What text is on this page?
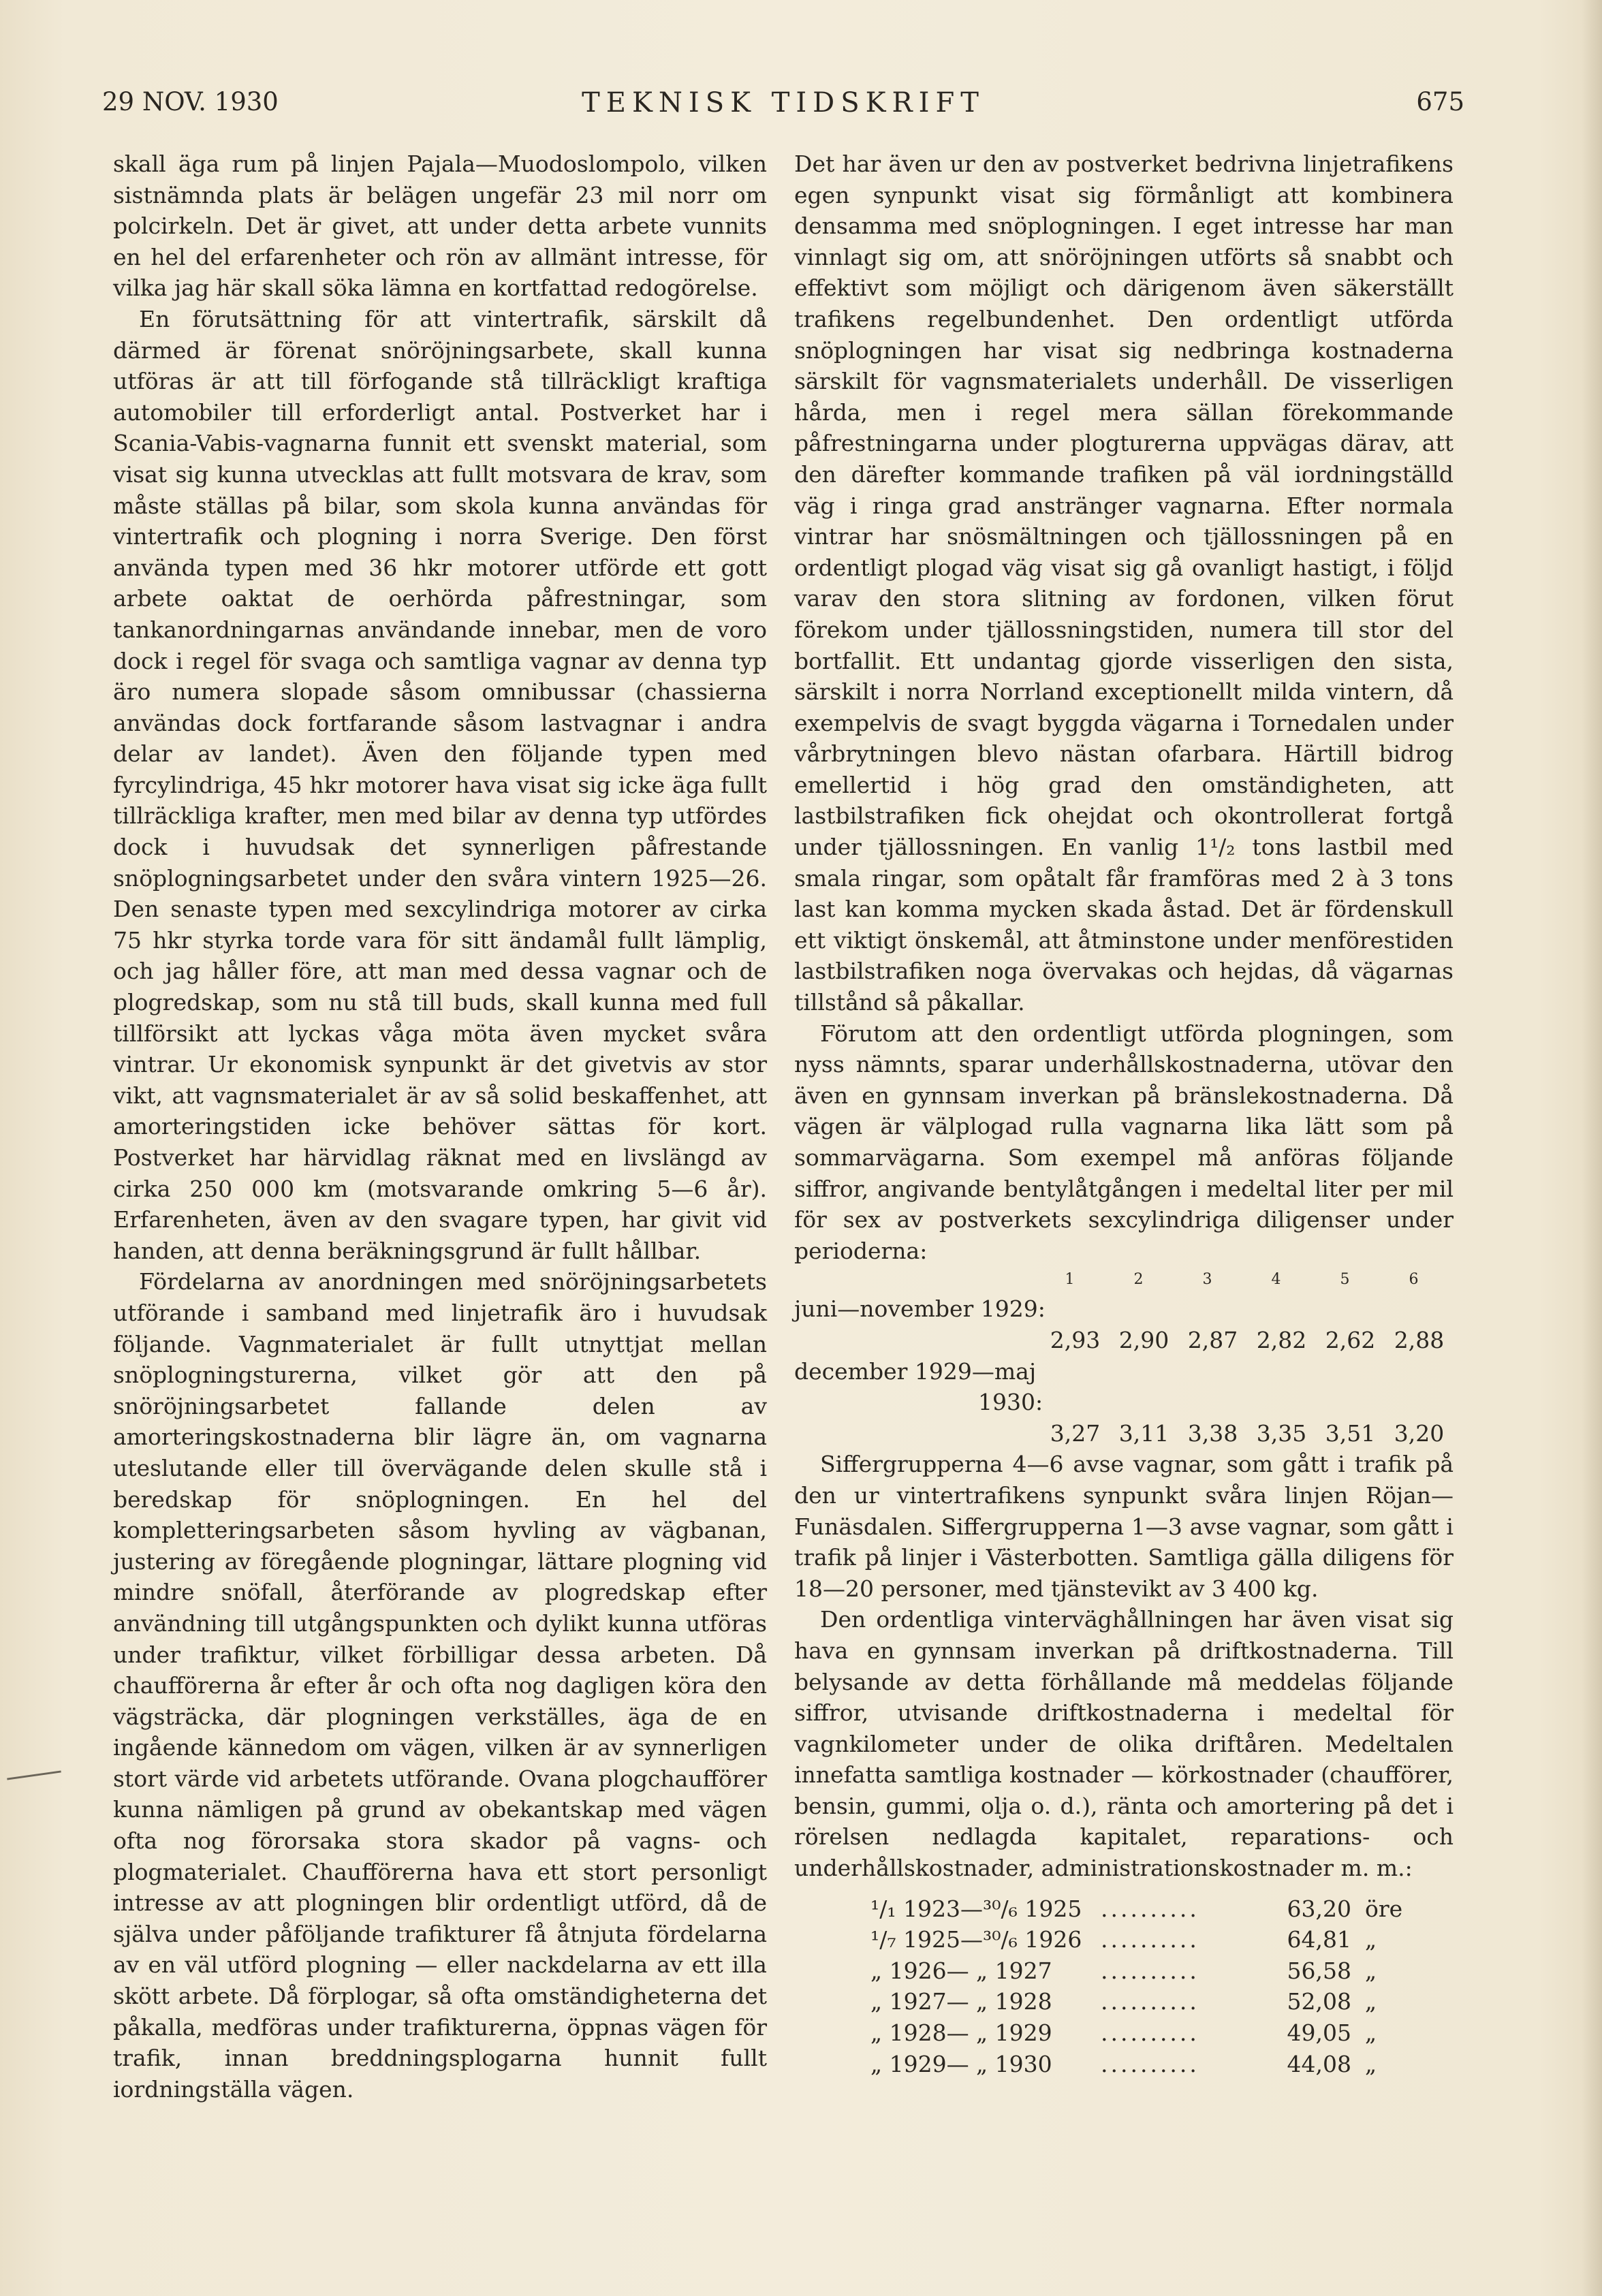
29 NOV. 1930	TEKNISK TIDSKRIFT	675

skall äga rum på linjen Pajala—Muodoslompolo, vilken sistnämnda plats är belägen ungefär 23 mil norr om polcirkeln. Det är givet, att under detta arbete vunnits en hel del erfarenheter och rön av allmänt intresse, för vilka jag här skall söka lämna en kortfattad redogörelse.

En förutsättning för att vintertrafik, särskilt då därmed är förenat snöröjningsarbete, skall kunna utföras är att till förfogande stå tillräckligt kraftiga automobiler till erforderligt antal. Postverket har i Scania-Vabis-vagnarna funnit ett svenskt material, som visat sig kunna utvecklas att fullt motsvara de krav, som måste ställas på bilar, som skola kunna användas för vintertrafik och plogning i norra Sverige. Den först använda typen med 36 hkr motorer utförde ett gott arbete oaktat de oerhörda påfrestningar, som tankanordningarnas användande innebar, men de voro dock i regel för svaga och samtliga vagnar av denna typ äro numera slopade såsom omnibussar (chassierna användas dock fortfarande såsom lastvagnar i andra delar av landet). Även den följande typen med fyrcylindriga, 45 hkr motorer hava visat sig icke äga fullt tillräckliga krafter, men med bilar av denna typ utfördes dock i huvudsak det synnerligen påfrestande snöplogningsarbetet under den svåra vintern 1925—26. Den senaste typen med sexcylindriga motorer av cirka 75 hkr styrka torde vara för sitt ändamål fullt lämplig, och jag håller före, att man med dessa vagnar och de plogredskap, som nu stå till buds, skall kunna med full tillförsikt att lyckas våga möta även mycket svåra vintrar. Ur ekonomisk synpunkt är det givetvis av stor vikt, att vagnsmaterialet är av så solid beskaffenhet, att amorteringstiden icke behöver sättas för kort. Postverket har härvidlag räknat med en livslängd av cirka 250 000 km (motsvarande omkring 5—6 år). Erfarenheten, även av den svagare typen, har givit vid handen, att denna beräkningsgrund är fullt hållbar.

Fördelarna av anordningen med snöröjningsarbetets utförande i samband med linjetrafik äro i huvudsak följande. Vagnmaterialet är fullt utnyttjat mellan snöplogningsturerna, vilket gör att den på snöröjningsarbetet fallande delen av amorteringskostnaderna blir lägre än, om vagnarna uteslutande eller till övervägande delen skulle stå i beredskap för snöplogningen. En hel del kompletteringsarbeten såsom hyvling av vägbanan, justering av föregående plogningar, lättare plogning vid mindre snöfall, återförande av plogredskap efter användning till utgångspunkten och dylikt kunna utföras under trafiktur, vilket förbilligar dessa arbeten. Då chaufförerna år efter år och ofta nog dagligen köra den vägsträcka, där plogningen verkställes, äga de en ingående kännedom om vägen, vilken är av synnerligen stort värde vid arbetets utförande. Ovana plogchaufförer kunna nämligen på grund av obekantskap med vägen ofta nog förorsaka stora skador på vagns- och plogmaterialet. Chaufförerna hava ett stort personligt intresse av att plogningen blir ordentligt utförd, då de själva under påföljande trafikturer få åtnjuta fördelarna av en väl utförd plogning — eller nackdelarna av ett illa skött arbete. Då förplogar, så ofta omständigheterna det påkalla, medföras under trafikturerna, öppnas vägen för trafik, innan breddningsplogarna hunnit fullt iordningställa vägen.

Det har även ur den av postverket bedrivna linjetrafikens egen synpunkt visat sig förmånligt att kombinera densamma med snöplogningen. I eget intresse har man vinnlagt sig om, att snöröjningen utförts så snabbt och effektivt som möjligt och därigenom även säkerställt trafikens regelbundenhet. Den ordentligt utförda snöplogningen har visat sig nedbringa kostnaderna särskilt för vagnsmaterialets underhåll. De visserligen hårda, men i regel mera sällan förekommande påfrestningarna under plogturerna uppvägas därav, att den därefter kommande trafiken på väl iordningställd väg i ringa grad anstränger vagnarna. Efter normala vintrar har snösmältningen och tjällossningen på en ordentligt plogad väg visat sig gå ovanligt hastigt, i följd varav den stora slitning av fordonen, vilken förut förekom under tjällossningstiden, numera till stor del bortfallit. Ett undantag gjorde visserligen den sista, särskilt i norra Norrland exceptionellt milda vintern, då exempelvis de svagt byggda vägarna i Tornedalen under vårbrytningen blevo nästan ofarbara. Härtill bidrog emellertid i hög grad den omständigheten, att lastbilstrafiken fick ohejdat och okontrollerat fortgå under tjällossningen. En vanlig 1¹/₂ tons lastbil med smala ringar, som opåtalt får framföras med 2 à 3 tons last kan komma mycken skada åstad. Det är fördenskull ett viktigt önskemål, att åtminstone under menförestiden lastbilstrafiken noga övervakas och hejdas, då vägarnas tillstånd så påkallar.

Förutom att den ordentligt utförda plogningen, som nyss nämnts, sparar underhållskostnaderna, utövar den även en gynnsam inverkan på bränslekostnaderna. Då vägen är välplogad rulla vagnarna lika lätt som på sommarvägarna. Som exempel må anföras följande siffror, angivande bentylåtgången i medeltal liter per mil för sex av postverkets sexcylindriga diligenser under perioderna:

1	2	3	4	5	6
juni—november 1929:
2,93 2,90 2,87 2,82 2,62 2,88
december 1929—maj
1930:
3,27 3,11 3,38 3,35 3,51 3,20

Siffergrupperna 4—6 avse vagnar, som gått i trafik på den ur vintertrafikens synpunkt svåra linjen Röjan—Funäsdalen. Siffergrupperna 1—3 avse vagnar, som gått i trafik på linjer i Västerbotten. Samtliga gälla diligens för 18—20 personer, med tjänstevikt av 3 400 kg.

Den ordentliga vinterväghållningen har även visat sig hava en gynnsam inverkan på driftkostnaderna. Till belysande av detta förhållande må meddelas följande siffror, utvisande driftkostnaderna i medeltal för vagnkilometer under de olika driftåren. Medeltalen innefatta samtliga kostnader — körkostnader (chaufförer, bensin, gummi, olja o. d.), ränta och amortering på det i rörelsen nedlagda kapitalet, reparations- och underhållskostnader, administrationskostnader m. m.:

¹/₁ 1923—³⁰/₆ 1925 ..........	63,20 öre
¹/₇ 1925—³⁰/₆ 1926 ..........	64,81 „
„ 1926— „ 1927 ..........	56,58 „
„ 1927— „ 1928 ..........	52,08 „
„ 1928— „ 1929 ..........	49,05 „
„ 1929— „ 1930 ..........	44,08 „
